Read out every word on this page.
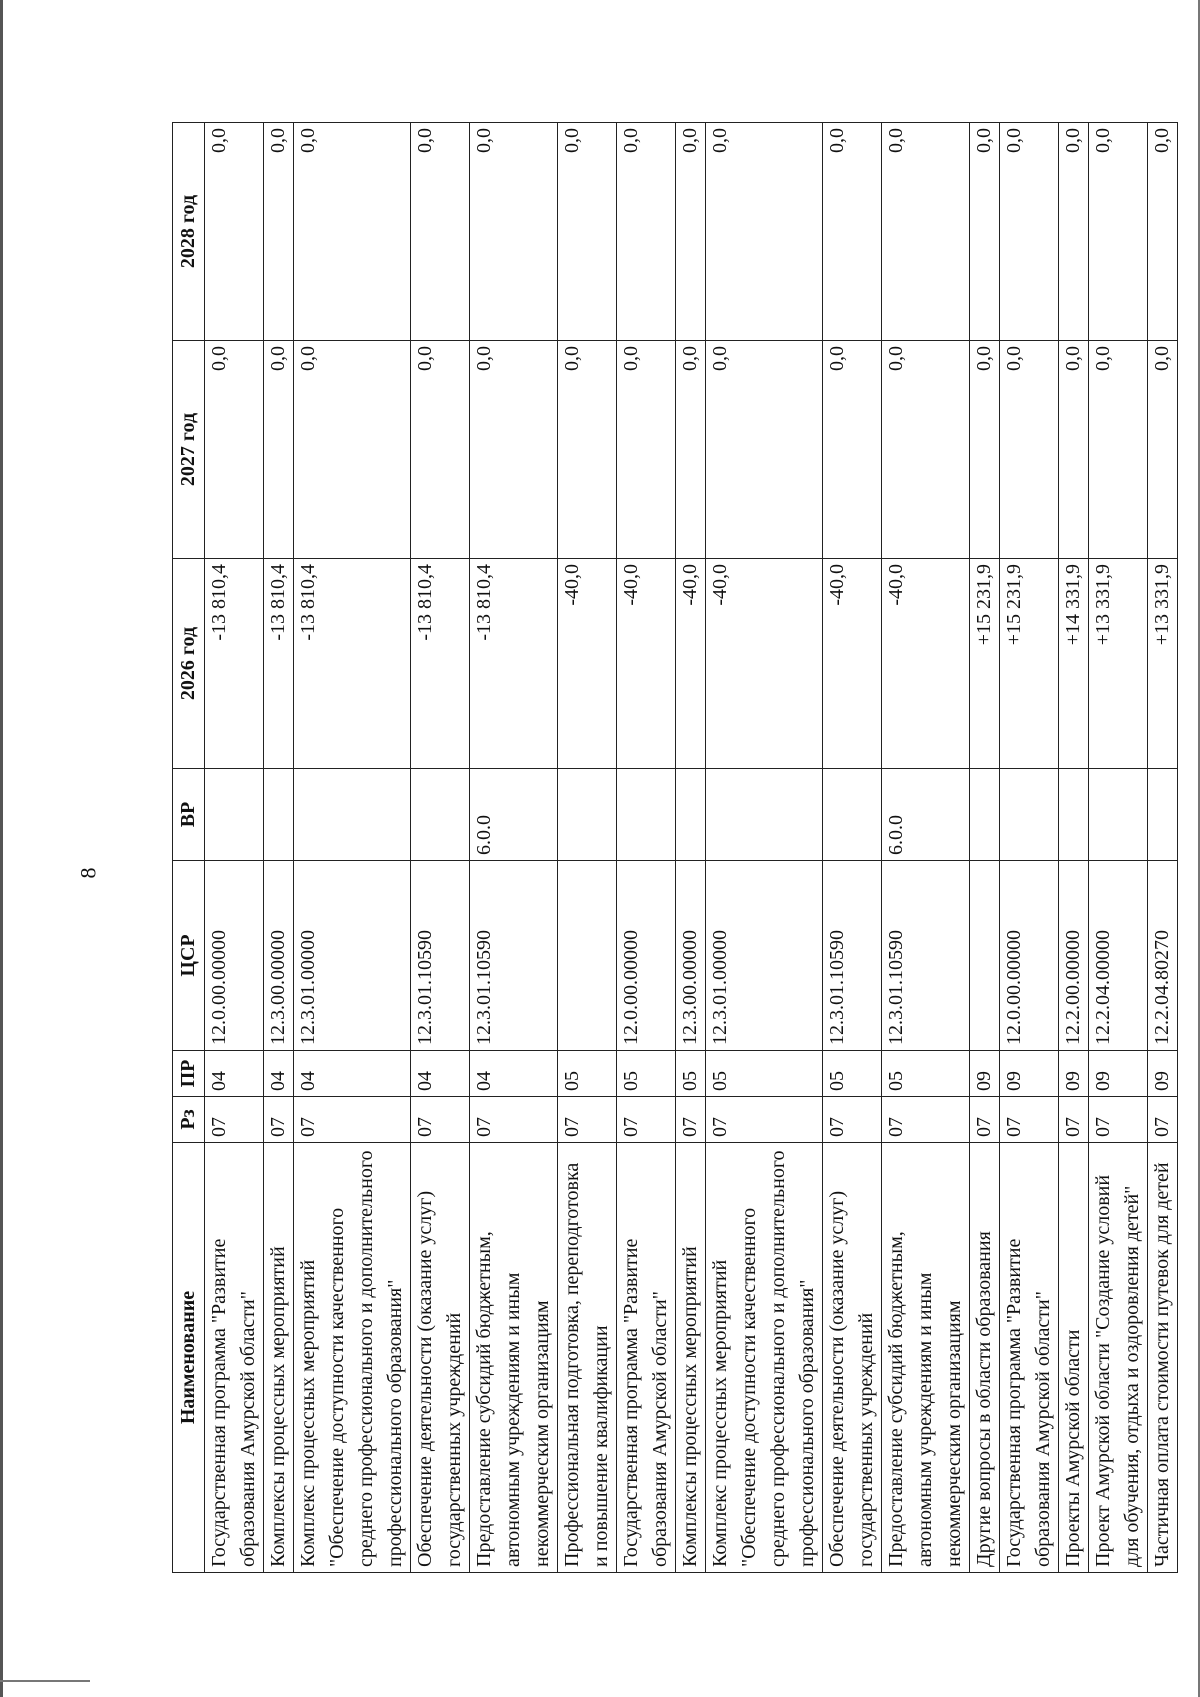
8
Наименование	Рз	ПР	ЦСР	ВР	2026 год	2027 год	2028 год
Государственная программа "Развитие образования Амурской области"	07	04	12.0.00.00000		-13 810,4	0,0	0,0
Комплексы процессных мероприятий	07	04	12.3.00.00000		-13 810,4	0,0	0,0
Комплекс процессных мероприятий "Обеспечение доступности качественного среднего профессионального и дополнительного профессионального образования"	07	04	12.3.01.00000		-13 810,4	0,0	0,0
Обеспечение деятельности (оказание услуг) государственных учреждений	07	04	12.3.01.10590		-13 810,4	0,0	0,0
Предоставление субсидий бюджетным, автономным учреждениям и иным некоммерческим организациям	07	04	12.3.01.10590	6.0.0	-13 810,4	0,0	0,0
Профессиональная подготовка, переподготовка и повышение квалификации	07	05			-40,0	0,0	0,0
Государственная программа "Развитие образования Амурской области"	07	05	12.0.00.00000		-40,0	0,0	0,0
Комплексы процессных мероприятий	07	05	12.3.00.00000		-40,0	0,0	0,0
Комплекс процессных мероприятий "Обеспечение доступности качественного среднего профессионального и дополнительного профессионального образования"	07	05	12.3.01.00000		-40,0	0,0	0,0
Обеспечение деятельности (оказание услуг) государственных учреждений	07	05	12.3.01.10590		-40,0	0,0	0,0
Предоставление субсидий бюджетным, автономным учреждениям и иным некоммерческим организациям	07	05	12.3.01.10590	6.0.0	-40,0	0,0	0,0
Другие вопросы в области образования	07	09			+15 231,9	0,0	0,0
Государственная программа "Развитие образования Амурской области"	07	09	12.0.00.00000		+15 231,9	0,0	0,0
Проекты Амурской области	07	09	12.2.00.00000		+14 331,9	0,0	0,0
Проект Амурской области "Создание условий для обучения, отдыха и оздоровления детей"	07	09	12.2.04.00000		+13 331,9	0,0	0,0
Частичная оплата стоимости путевок для детей	07	09	12.2.04.80270		+13 331,9	0,0	0,0
